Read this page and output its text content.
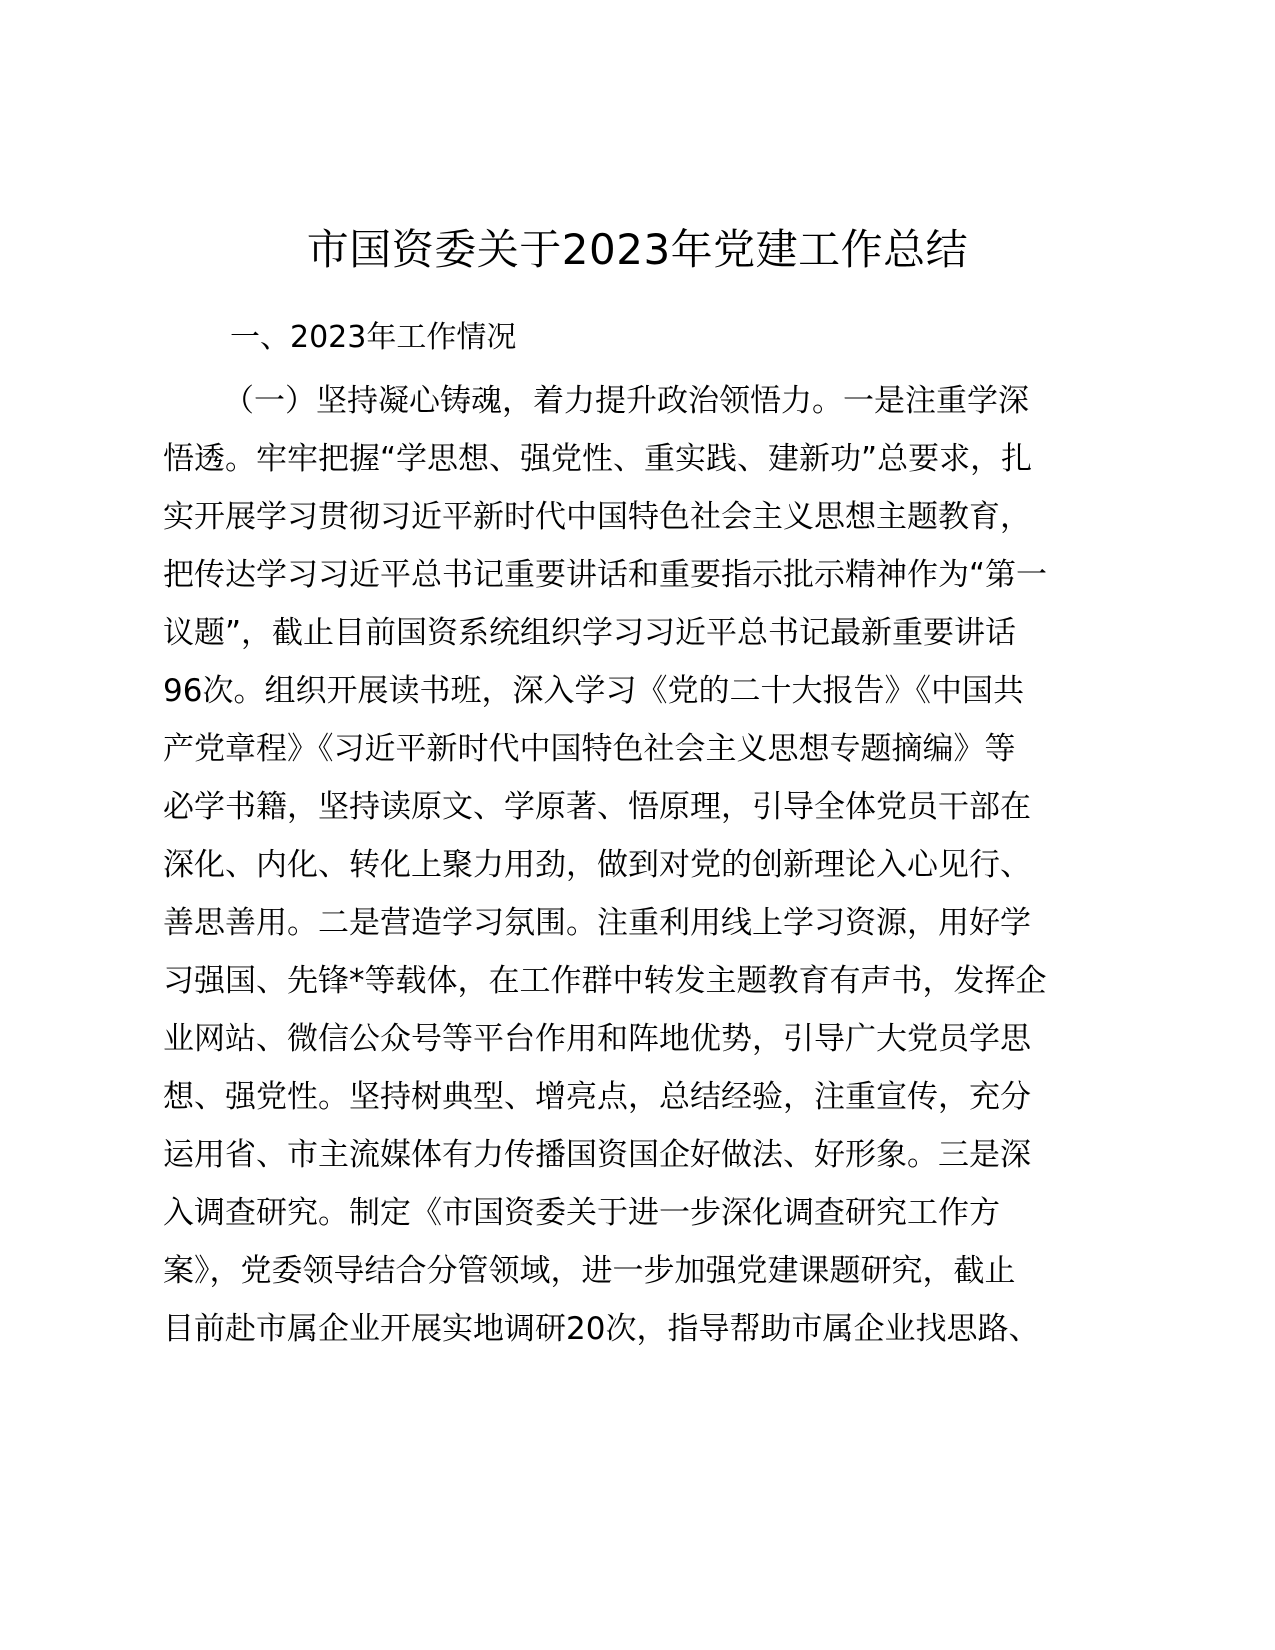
市国资委关于2023年党建工作总结
一、2023年工作情况
（一）坚持凝心铸魂，着力提升政治领悟力。一是注重学深
悟透。牢牢把握“学思想、强党性、重实践、建新功”总要求，扎
实开展学习贯彻习近平新时代中国特色社会主义思想主题教育，
把传达学习习近平总书记重要讲话和重要指示批示精神作为“第一
议题”，截止目前国资系统组织学习习近平总书记最新重要讲话
96次。组织开展读书班，深入学习《党的二十大报告》《中国共
产党章程》《习近平新时代中国特色社会主义思想专题摘编》等
必学书籍，坚持读原文、学原著、悟原理，引导全体党员干部在
深化、内化、转化上聚力用劲，做到对党的创新理论入心见行、
善思善用。二是营造学习氛围。注重利用线上学习资源，用好学
习强国、先锋*等载体，在工作群中转发主题教育有声书，发挥企
业网站、微信公众号等平台作用和阵地优势，引导广大党员学思
想、强党性。坚持树典型、增亮点，总结经验，注重宣传，充分
运用省、市主流媒体有力传播国资国企好做法、好形象。三是深
入调查研究。制定《市国资委关于进一步深化调查研究工作方
案》，党委领导结合分管领域，进一步加强党建课题研究，截止
目前赴市属企业开展实地调研20次，指导帮助市属企业找思路、
